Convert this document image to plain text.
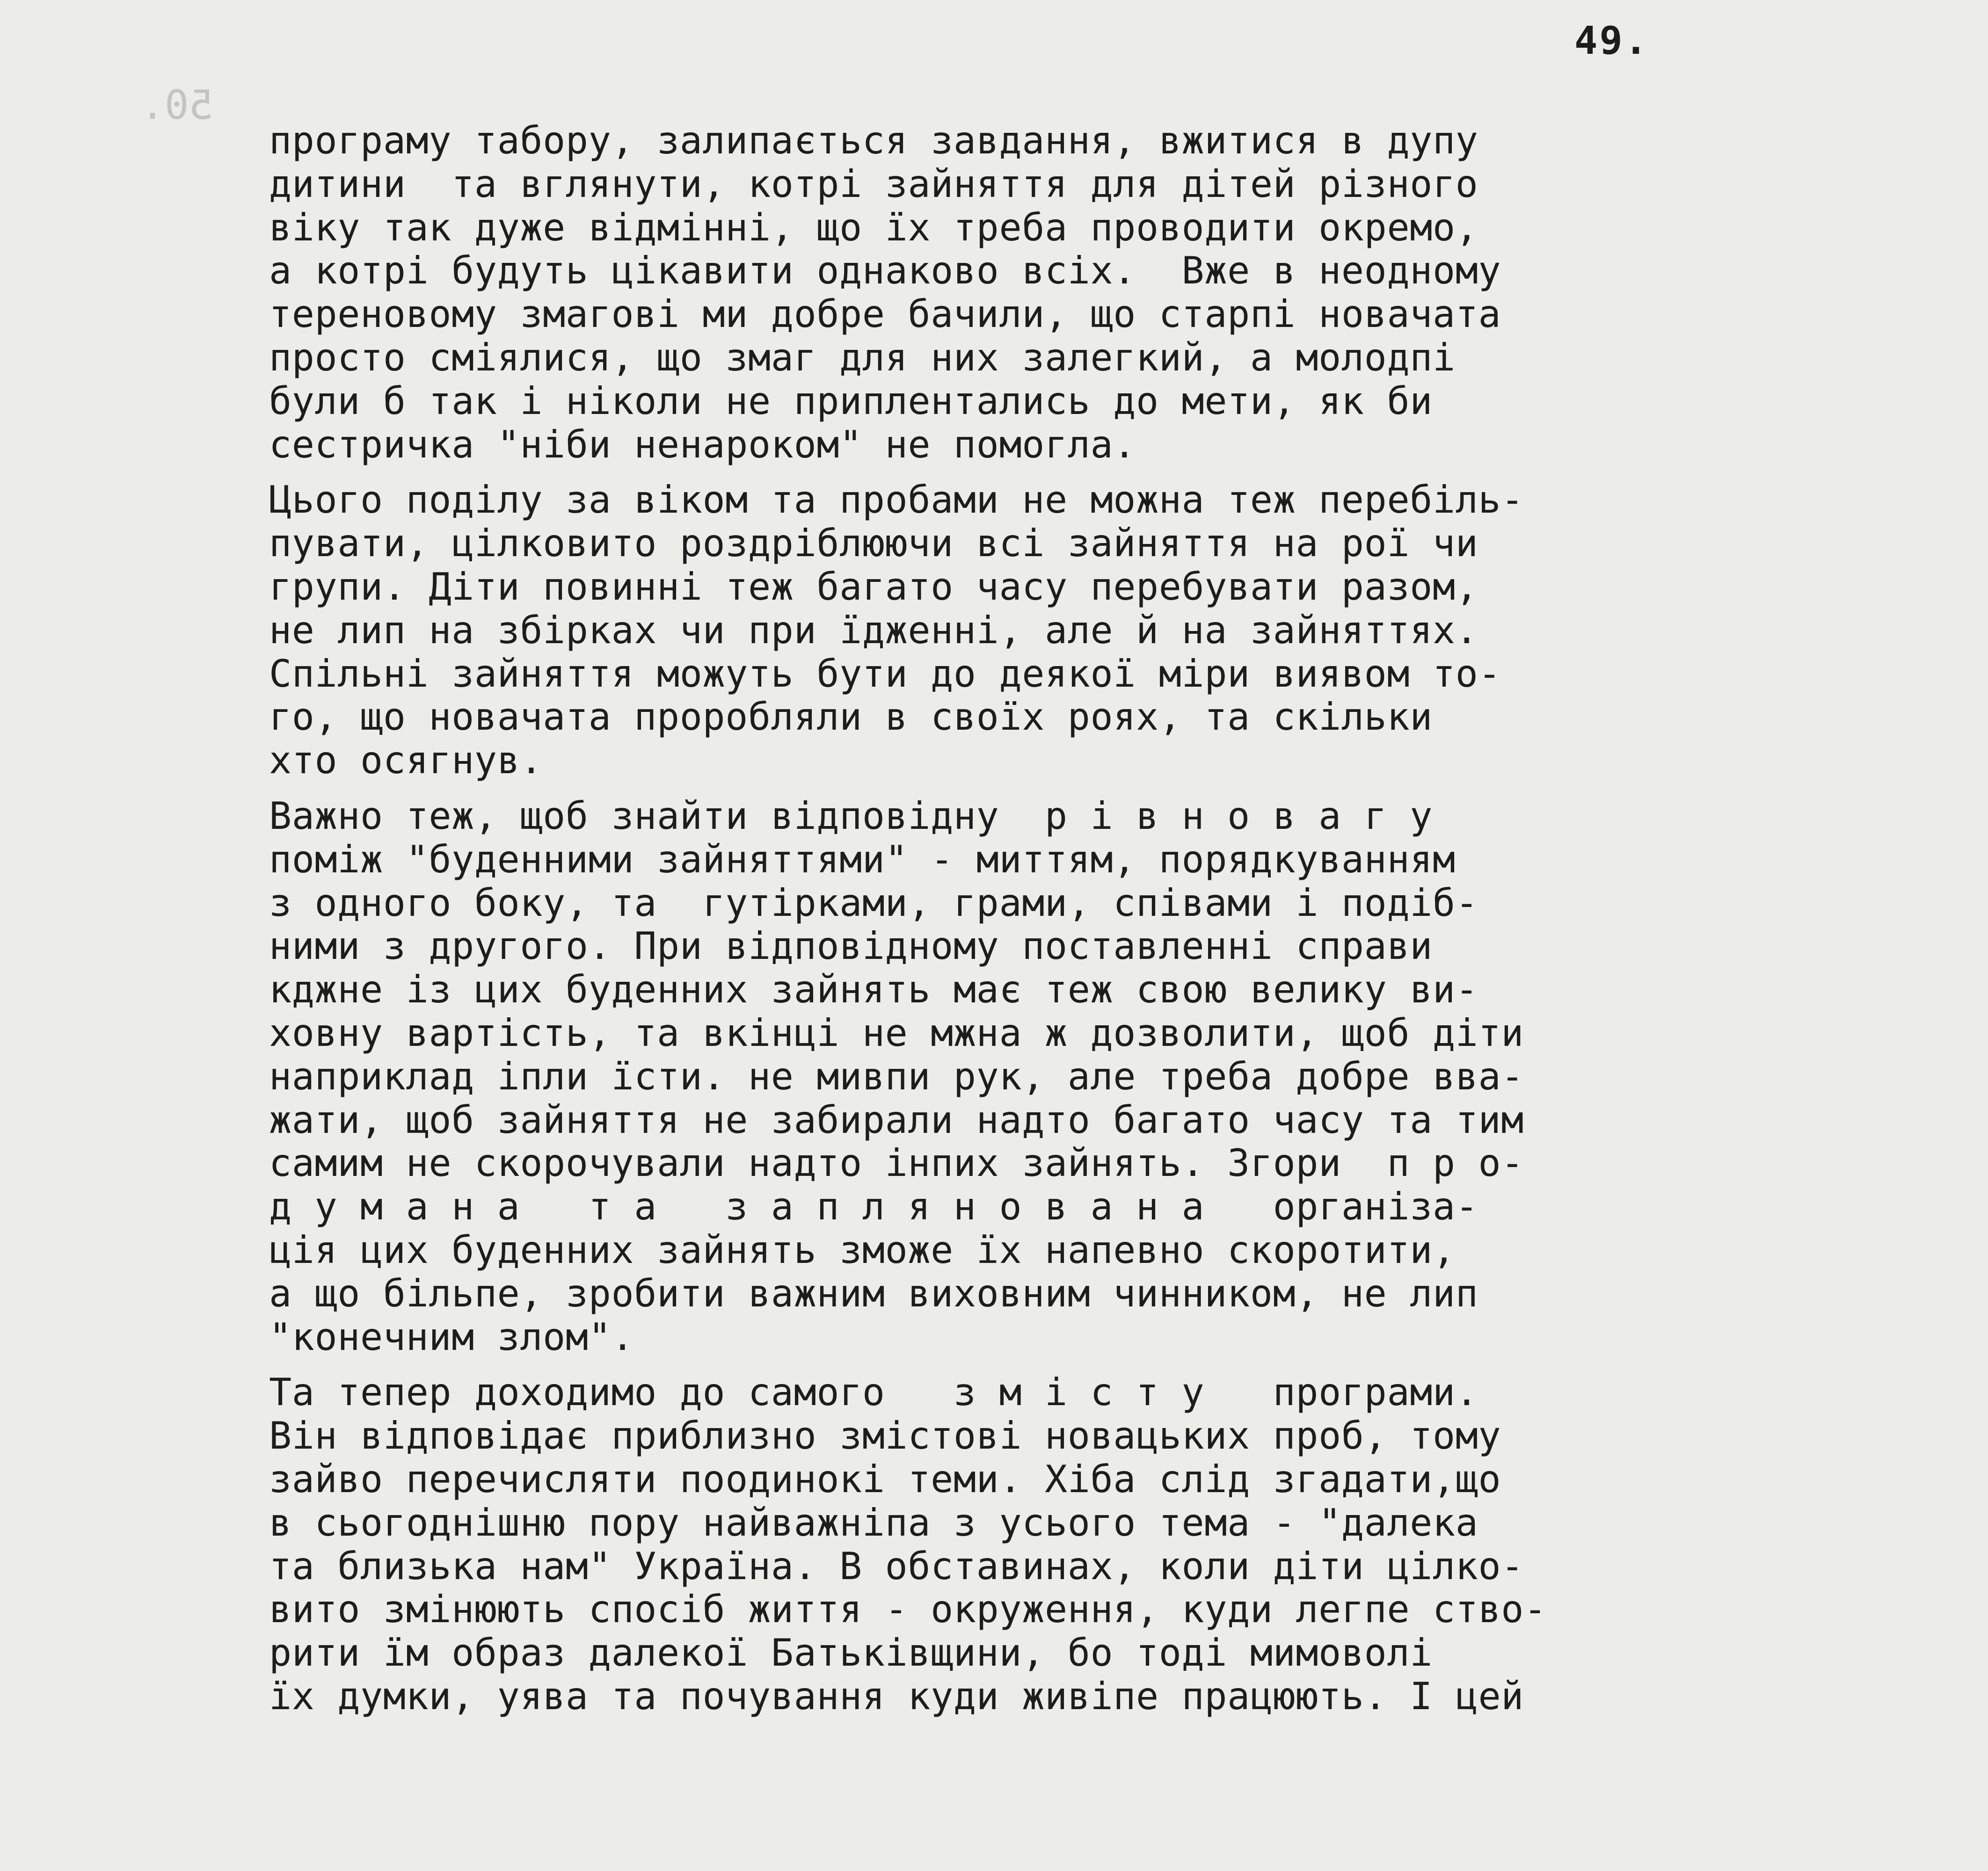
50.
49.
програму табору, залипається завдання, вжитися в дупу
дитини  та вглянути, котрі зайняття для дітей різного
віку так дуже відмінні, що їх треба проводити окремо,
а котрі будуть цікавити однаково всіх.  Вже в неодному
тереновому змагові ми добре бачили, що старпі новачата
просто сміялися, що змаг для них залегкий, а молодпі
були б так і ніколи не приплентались до мети, як би
сестричка "ніби ненароком" не помогла.
Цього поділу за віком та пробами не можна теж перебіль-
пувати, цілковито роздріблюючи всі зайняття на рої чи
групи. Діти повинні теж багато часу перебувати разом,
не лип на збірках чи при їдженні, але й на зайняттях.
Спільні зайняття можуть бути до деякої міри виявом то-
го, що новачата проробляли в своїх роях, та скільки
хто осягнув.
Важно теж, щоб знайти відповідну  р і в н о в а г у
поміж "буденними зайняттями" - миттям, порядкуванням
з одного боку, та  гутірками, грами, співами і подіб-
ними з другого. При відповідному поставленні справи
кджне із цих буденних зайнять має теж свою велику ви-
ховну вартість, та вкінці не мжна ж дозволити, щоб діти
наприклад іпли їсти. не мивпи рук, але треба добре вва-
жати, щоб зайняття не забирали надто багато часу та тим
самим не скорочували надто інпих зайнять. Згори  п р о-
д у м а н а   т а   з а п л я н о в а н а   організа-
ція цих буденних зайнять зможе їх напевно скоротити,
а що більпе, зробити важним виховним чинником, не лип
"конечним злом".
Та тепер доходимо до самого   з м і с т у   програми.
Він відповідає приблизно змістові новацьких проб, тому
зайво перечисляти поодинокі теми. Хіба слід згадати,що
в сьогоднішню пору найважніпа з усього тема - "далека
та близька нам" Україна. В обставинах, коли діти цілко-
вито змінюють спосіб життя - окруження, куди легпе ство-
рити їм образ далекої Батьківщини, бо тоді мимоволі
їх думки, уява та почування куди живіпе працюють. І цей
